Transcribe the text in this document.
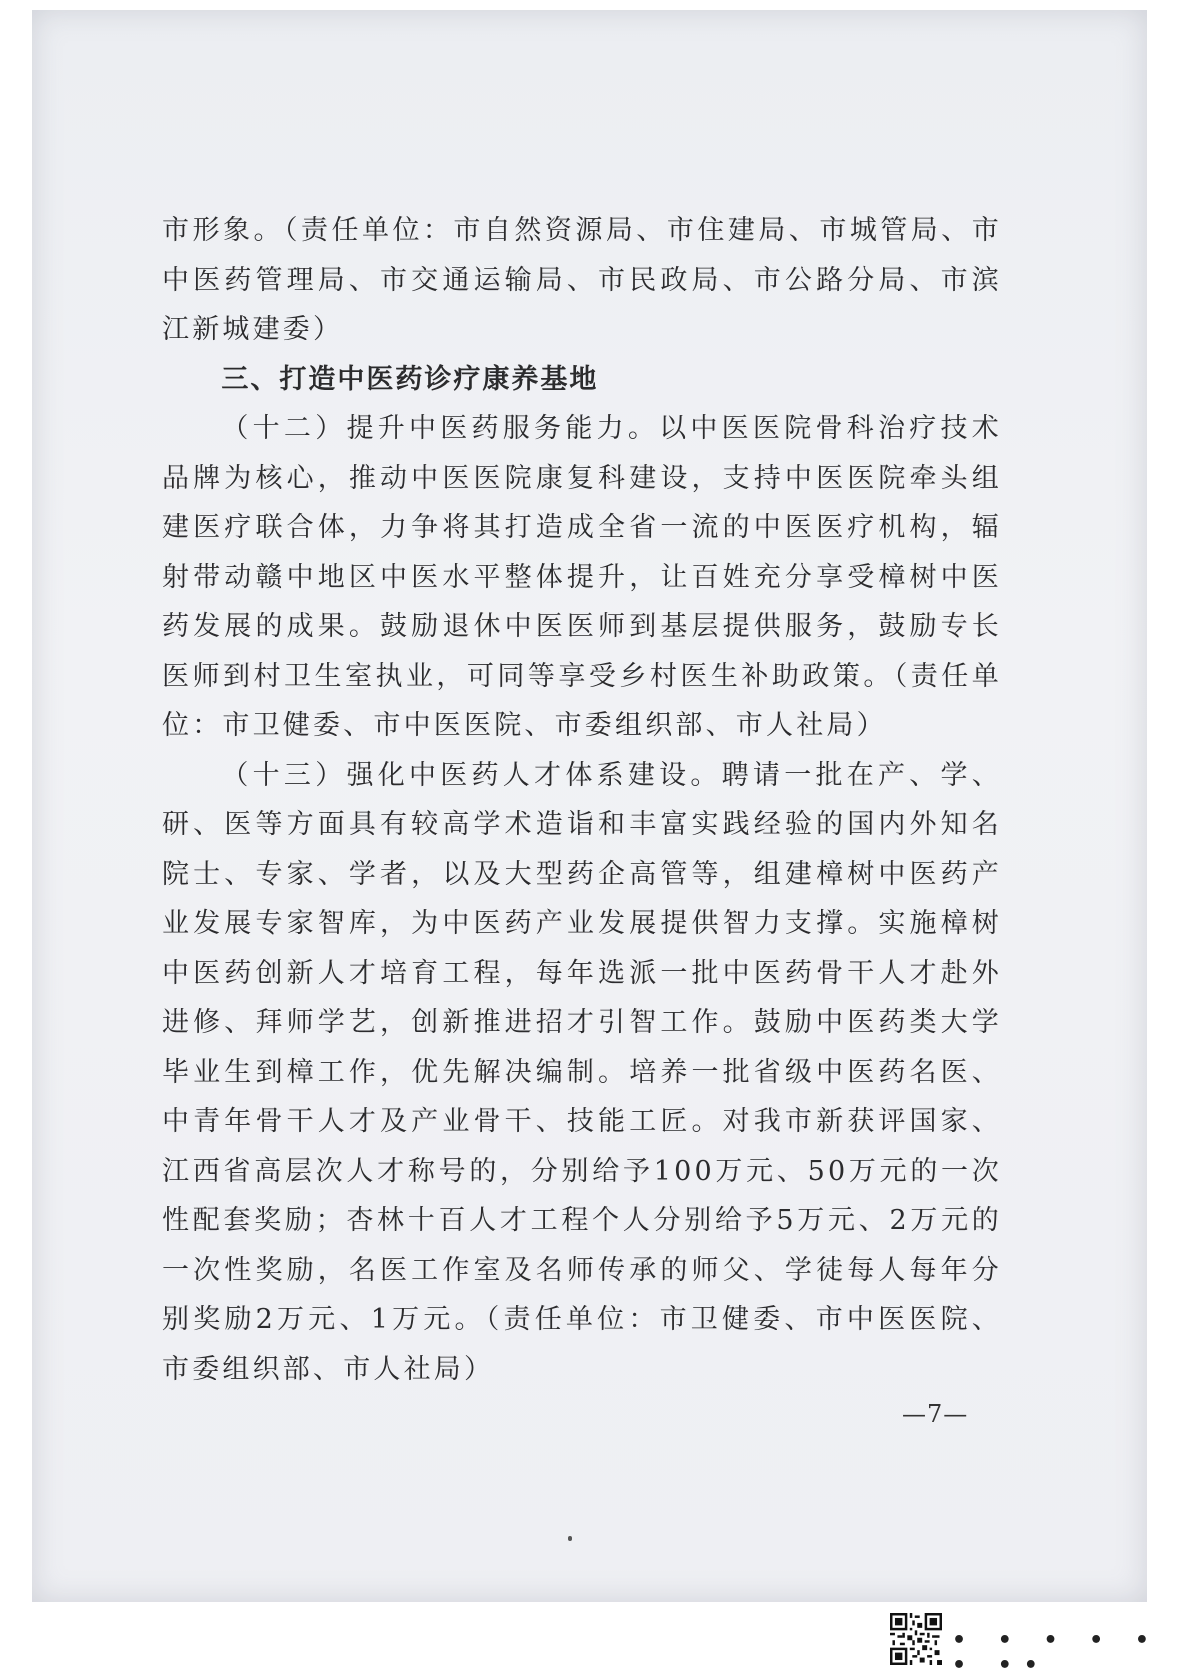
市形象。（责任单位：市自然资源局、市住建局、市城管局、市中医药管理局、市交通运输局、市民政局、市公路分局、市滨江新城建委）

三、打造中医药诊疗康养基地

（十二）提升中医药服务能力。以中医医院骨科治疗技术品牌为核心，推动中医医院康复科建设，支持中医医院牵头组建医疗联合体，力争将其打造成全省一流的中医医疗机构，辐射带动赣中地区中医水平整体提升，让百姓充分享受樟树中医药发展的成果。鼓励退休中医医师到基层提供服务，鼓励专长医师到村卫生室执业，可同等享受乡村医生补助政策。（责任单位：市卫健委、市中医医院、市委组织部、市人社局）

（十三）强化中医药人才体系建设。聘请一批在产、学、研、医等方面具有较高学术造诣和丰富实践经验的国内外知名院士、专家、学者，以及大型药企高管等，组建樟树中医药产业发展专家智库，为中医药产业发展提供智力支撑。实施樟树中医药创新人才培育工程，每年选派一批中医药骨干人才赴外进修、拜师学艺，创新推进招才引智工作。鼓励中医药类大学毕业生到樟工作，优先解决编制。培养一批省级中医药名医、中青年骨干人才及产业骨干、技能工匠。对我市新获评国家、江西省高层次人才称号的，分别给予100万元、50万元的一次性配套奖励；杏林十百人才工程个人分别给予5万元、2万元的一次性奖励，名医工作室及名师传承的师父、学徒每人每年分别奖励2万元、1万元。（责任单位：市卫健委、市中医医院、市委组织部、市人社局）

—7—
• • • • • • ••
